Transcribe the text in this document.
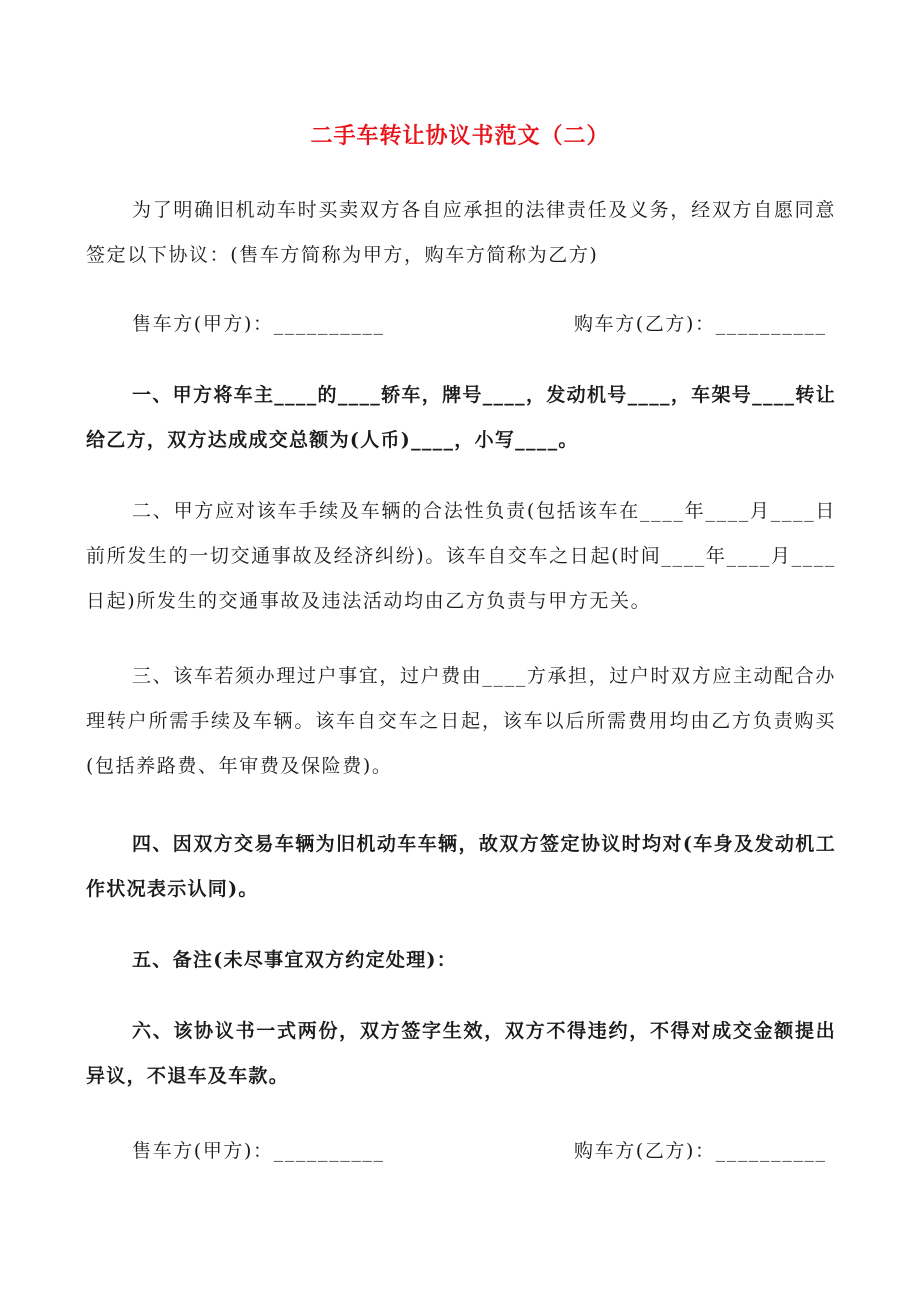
二手车转让协议书范文（二）
为了明确旧机动车时买卖双方各自应承担的法律责任及义务，经双方自愿同意签定以下协议：(售车方简称为甲方，购车方简称为乙方)
售车方(甲方)：__________	购车方(乙方)：__________
一、甲方将车主____的____轿车，牌号____，发动机号____，车架号____转让给乙方，双方达成成交总额为(人币)____，小写____。
二、甲方应对该车手续及车辆的合法性负责(包括该车在____年____月____日前所发生的一切交通事故及经济纠纷)。该车自交车之日起(时间____年____月____日起)所发生的交通事故及违法活动均由乙方负责与甲方无关。
三、该车若须办理过户事宜，过户费由____方承担，过户时双方应主动配合办理转户所需手续及车辆。该车自交车之日起，该车以后所需费用均由乙方负责购买(包括养路费、年审费及保险费)。
四、因双方交易车辆为旧机动车车辆，故双方签定协议时均对(车身及发动机工作状况表示认同)。
五、备注(未尽事宜双方约定处理)：
六、该协议书一式两份，双方签字生效，双方不得违约，不得对成交金额提出异议，不退车及车款。
售车方(甲方)：__________	购车方(乙方)：__________
